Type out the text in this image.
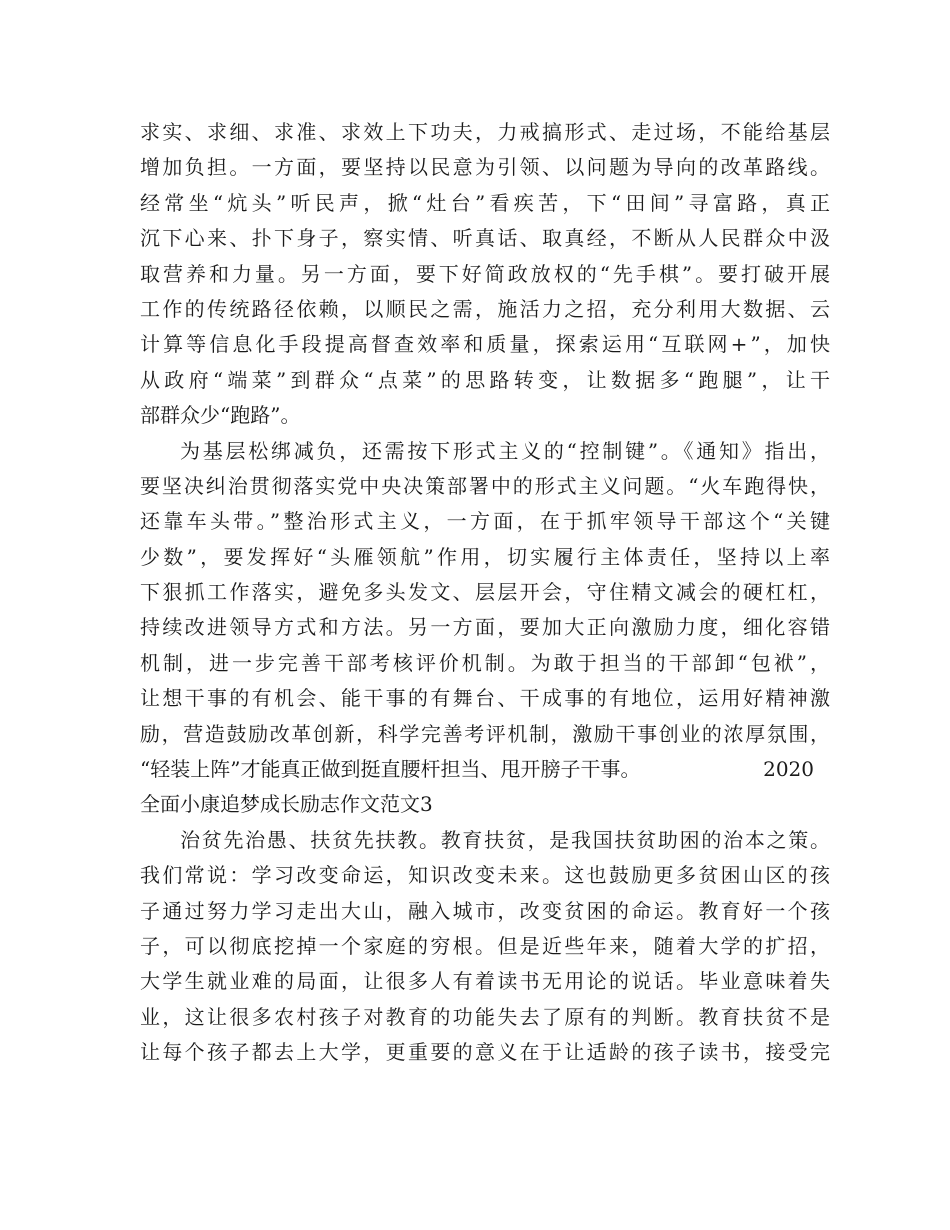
求实、求细、求准、求效上下功夫，力戒搞形式、走过场，不能给基层
增加负担。一方面，要坚持以民意为引领、以问题为导向的改革路线。
经常坐“炕头”听民声，掀“灶台”看疾苦，下“田间”寻富路，真正
沉下心来、扑下身子，察实情、听真话、取真经，不断从人民群众中汲
取营养和力量。另一方面，要下好简政放权的“先手棋”。要打破开展
工作的传统路径依赖，以顺民之需，施活力之招，充分利用大数据、云
计算等信息化手段提高督查效率和质量，探索运用“互联网+”，加快
从政府“端菜”到群众“点菜”的思路转变，让数据多“跑腿”，让干
部群众少“跑路”。
为基层松绑减负，还需按下形式主义的“控制键”。《通知》指出，
要坚决纠治贯彻落实党中央决策部署中的形式主义问题。“火车跑得快，
还靠车头带。”整治形式主义，一方面，在于抓牢领导干部这个“关键
少数”，要发挥好“头雁领航”作用，切实履行主体责任，坚持以上率
下狠抓工作落实，避免多头发文、层层开会，守住精文减会的硬杠杠，
持续改进领导方式和方法。另一方面，要加大正向激励力度，细化容错
机制，进一步完善干部考核评价机制。为敢于担当的干部卸“包袱”，
让想干事的有机会、能干事的有舞台、干成事的有地位，运用好精神激
励，营造鼓励改革创新，科学完善考评机制，激励干事创业的浓厚氛围，
“轻装上阵”才能真正做到挺直腰杆担当、甩开膀子干事。	2020
全面小康追梦成长励志作文范文3
治贫先治愚、扶贫先扶教。教育扶贫，是我国扶贫助困的治本之策。
我们常说：学习改变命运，知识改变未来。这也鼓励更多贫困山区的孩
子通过努力学习走出大山，融入城市，改变贫困的命运。教育好一个孩
子，可以彻底挖掉一个家庭的穷根。但是近些年来，随着大学的扩招，
大学生就业难的局面，让很多人有着读书无用论的说话。毕业意味着失
业，这让很多农村孩子对教育的功能失去了原有的判断。教育扶贫不是
让每个孩子都去上大学，更重要的意义在于让适龄的孩子读书，接受完
